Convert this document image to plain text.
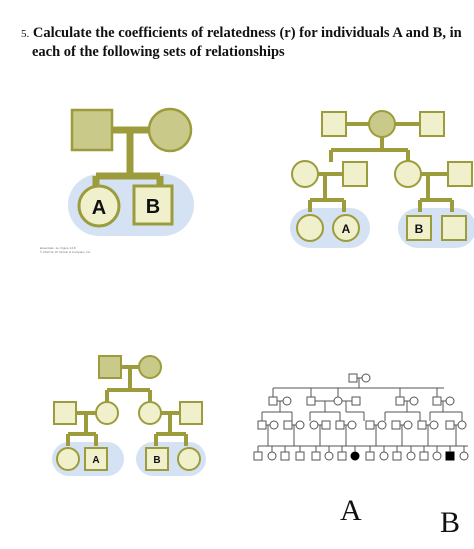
5. Calculate the coefficients of relatedness (r) for individuals A and B, in each of the following sets of relationships
A B
Essentials, 1e, Figure 14.8
© 2013 W. W. Norton & Company, Inc.
A	B
A	B
A	B
